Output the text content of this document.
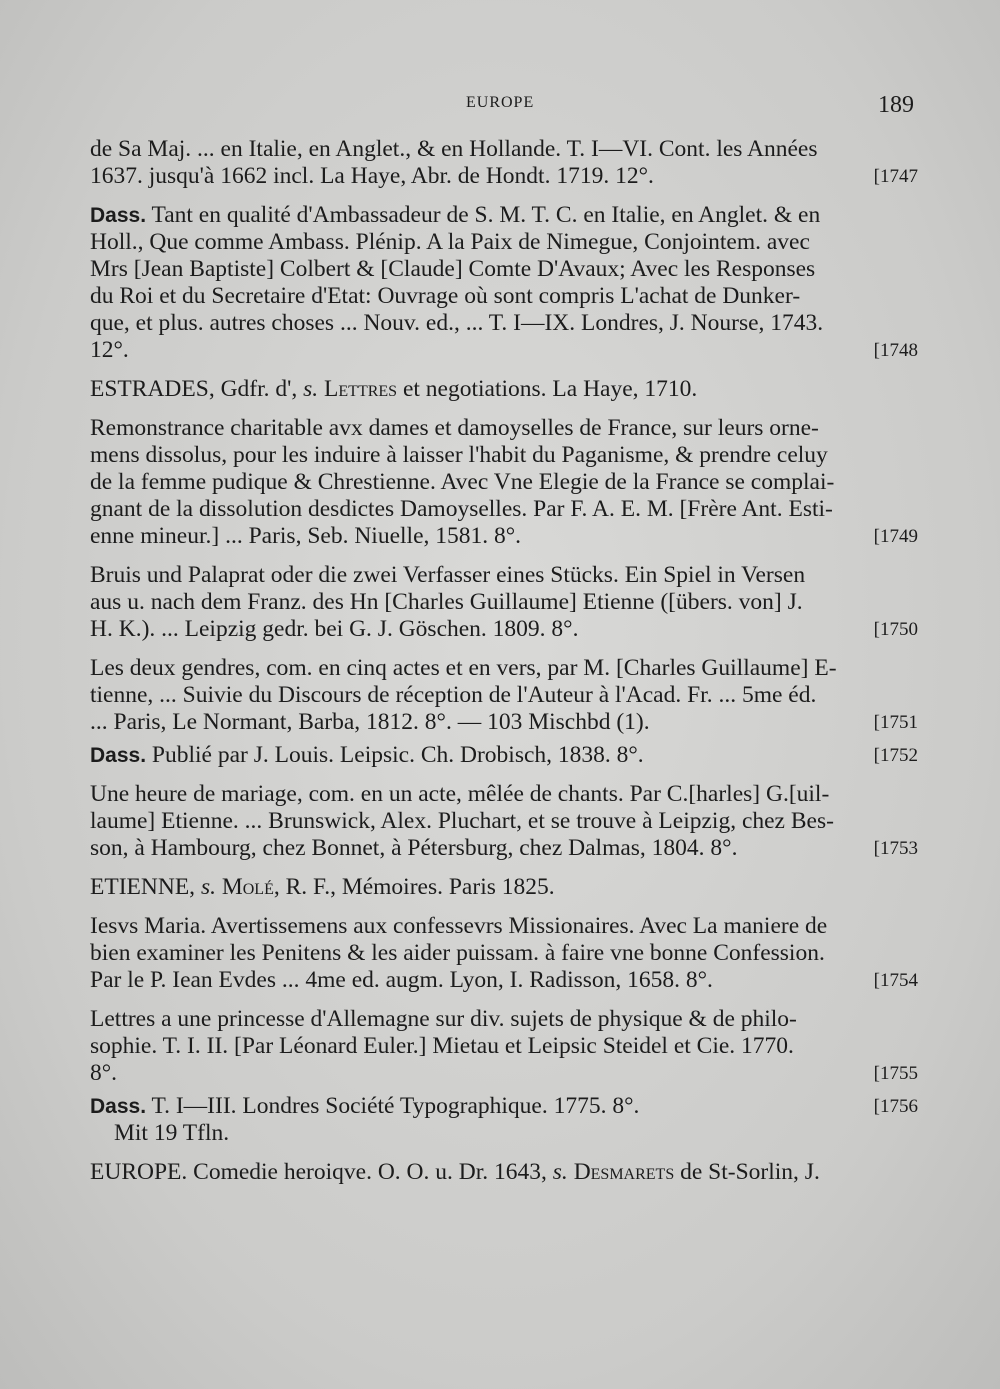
EUROPE	189
de Sa Maj. ... en Italie, en Anglet., & en Hollande. T. I—VI. Cont. les Années
1637. jusqu'à 1662 incl. La Haye, Abr. de Hondt. 1719. 12°.	[1747
Dass. Tant en qualité d'Ambassadeur de S. M. T. C. en Italie, en Anglet. & en
Holl., Que comme Ambass. Plénip. A la Paix de Nimegue, Conjointem. avec
Mrs [Jean Baptiste] Colbert & [Claude] Comte D'Avaux; Avec les Responses
du Roi et du Secretaire d'Etat: Ouvrage où sont compris L'achat de Dunker-
que, et plus. autres choses ... Nouv. ed., ... T. I—IX. Londres, J. Nourse, 1743.
12°.	[1748
ESTRADES, Gdfr. d', s. Lettres et negotiations. La Haye, 1710.
Remonstrance charitable avx dames et damoyselles de France, sur leurs orne-
mens dissolus, pour les induire à laisser l'habit du Paganisme, & prendre celuy
de la femme pudique & Chrestienne. Avec Vne Elegie de la France se complai-
gnant de la dissolution desdictes Damoyselles. Par F. A. E. M. [Frère Ant. Esti-
enne mineur.] ... Paris, Seb. Niuelle, 1581. 8°.	[1749
Bruis und Palaprat oder die zwei Verfasser eines Stücks. Ein Spiel in Versen
aus u. nach dem Franz. des Hn [Charles Guillaume] Etienne ([übers. von] J.
H. K.). ... Leipzig gedr. bei G. J. Göschen. 1809. 8°.	[1750
Les deux gendres, com. en cinq actes et en vers, par M. [Charles Guillaume] E-
tienne, ... Suivie du Discours de réception de l'Auteur à l'Acad. Fr. ... 5me éd.
... Paris, Le Normant, Barba, 1812. 8°. — 103 Mischbd (1).	[1751
Dass. Publié par J. Louis. Leipsic. Ch. Drobisch, 1838. 8°.	[1752
Une heure de mariage, com. en un acte, mêlée de chants. Par C.[harles] G.[uil-
laume] Etienne. ... Brunswick, Alex. Pluchart, et se trouve à Leipzig, chez Bes-
son, à Hambourg, chez Bonnet, à Pétersburg, chez Dalmas, 1804. 8°.	[1753
ETIENNE, s. Molé, R. F., Mémoires. Paris 1825.
Iesvs Maria. Avertissemens aux confessevrs Missionaires. Avec La maniere de
bien examiner les Penitens & les aider puissam. à faire vne bonne Confession.
Par le P. Iean Evdes ... 4me ed. augm. Lyon, I. Radisson, 1658. 8°.	[1754
Lettres a une princesse d'Allemagne sur div. sujets de physique & de philo-
sophie. T. I. II. [Par Léonard Euler.] Mietau et Leipsic Steidel et Cie. 1770.
8°.	[1755
Dass. T. I—III. Londres Société Typographique. 1775. 8°.	[1756
Mit 19 Tfln.
EUROPE. Comedie heroiqve. O. O. u. Dr. 1643, s. Desmarets de St-Sorlin, J.
